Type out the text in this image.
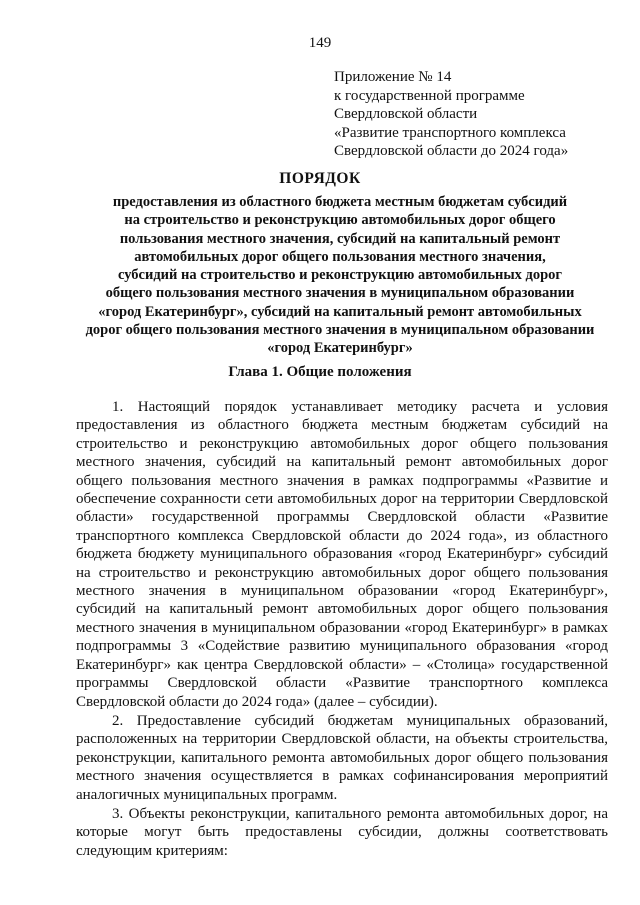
149
Приложение № 14
к государственной программе
Свердловской области
«Развитие транспортного комплекса
Свердловской области до 2024 года»
ПОРЯДОК
предоставления из областного бюджета местным бюджетам субсидий
на строительство и реконструкцию автомобильных дорог общего
пользования местного значения, субсидий на капитальный ремонт
автомобильных дорог общего пользования местного значения,
субсидий на строительство и реконструкцию автомобильных дорог
общего пользования местного значения в муниципальном образовании
«город Екатеринбург», субсидий на капитальный ремонт автомобильных
дорог общего пользования местного значения в муниципальном образовании
«город Екатеринбург»
Глава 1. Общие положения
1. Настоящий порядок устанавливает методику расчета и условия
предоставления из областного бюджета местным бюджетам субсидий на
строительство и реконструкцию автомобильных дорог общего пользования
местного значения, субсидий на капитальный ремонт автомобильных дорог
общего пользования местного значения в рамках подпрограммы «Развитие и
обеспечение сохранности сети автомобильных дорог на территории Свердловской
области» государственной программы Свердловской области «Развитие
транспортного комплекса Свердловской области до 2024 года», из областного
бюджета бюджету муниципального образования «город Екатеринбург» субсидий
на строительство и реконструкцию автомобильных дорог общего пользования
местного значения в муниципальном образовании «город Екатеринбург»,
субсидий на капитальный ремонт автомобильных дорог общего пользования
местного значения в муниципальном образовании «город Екатеринбург» в рамках
подпрограммы 3 «Содействие развитию муниципального образования «город
Екатеринбург» как центра Свердловской области» – «Столица» государственной
программы Свердловской области «Развитие транспортного комплекса
Свердловской области до 2024 года» (далее – субсидии).
2. Предоставление субсидий бюджетам муниципальных образований,
расположенных на территории Свердловской области, на объекты строительства,
реконструкции, капитального ремонта автомобильных дорог общего пользования
местного значения осуществляется в рамках софинансирования мероприятий
аналогичных муниципальных программ.
3. Объекты реконструкции, капитального ремонта автомобильных дорог, на
которые могут быть предоставлены субсидии, должны соответствовать
следующим критериям:
